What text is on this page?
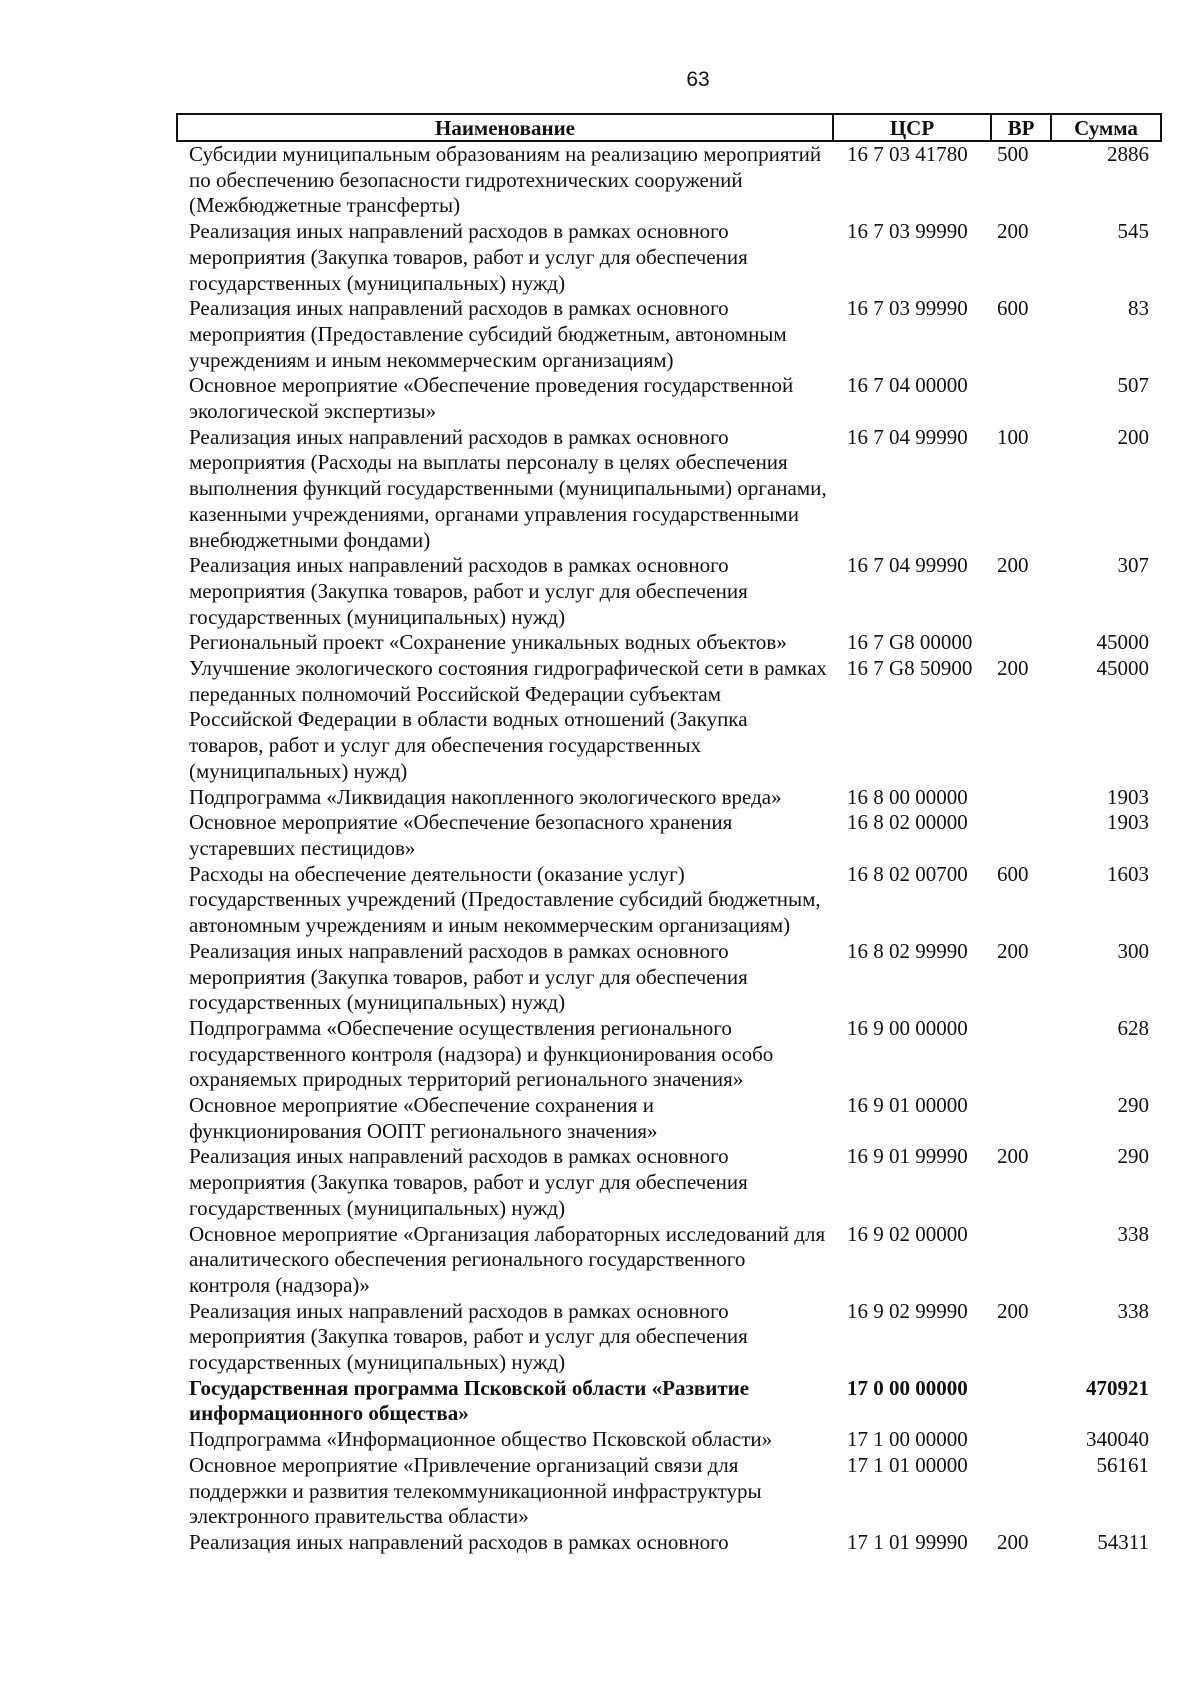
63
Наименование	ЦСР	ВР	Сумма
Субсидии муниципальным образованиям на реализацию мероприятий по обеспечению безопасности гидротехнических сооружений (Межбюджетные трансферты)	16 7 03 41780	500	2886
Реализация иных направлений расходов в рамках основного мероприятия (Закупка товаров, работ и услуг для обеспечения государственных (муниципальных) нужд)	16 7 03 99990	200	545
Реализация иных направлений расходов в рамках основного мероприятия (Предоставление субсидий бюджетным, автономным учреждениям и иным некоммерческим организациям)	16 7 03 99990	600	83
Основное мероприятие «Обеспечение проведения государственной экологической экспертизы»	16 7 04 00000		507
Реализация иных направлений расходов в рамках основного мероприятия (Расходы на выплаты персоналу в целях обеспечения выполнения функций государственными (муниципальными) органами, казенными учреждениями, органами управления государственными внебюджетными фондами)	16 7 04 99990	100	200
Реализация иных направлений расходов в рамках основного мероприятия (Закупка товаров, работ и услуг для обеспечения государственных (муниципальных) нужд)	16 7 04 99990	200	307
Региональный проект «Сохранение уникальных водных объектов»	16 7 G8 00000		45000
Улучшение экологического состояния гидрографической сети в рамках переданных полномочий Российской Федерации субъектам Российской Федерации в области водных отношений (Закупка товаров, работ и услуг для обеспечения государственных (муниципальных) нужд)	16 7 G8 50900	200	45000
Подпрограмма «Ликвидация накопленного экологического вреда»	16 8 00 00000		1903
Основное мероприятие «Обеспечение безопасного хранения устаревших пестицидов»	16 8 02 00000		1903
Расходы на обеспечение деятельности (оказание услуг) государственных учреждений (Предоставление субсидий бюджетным, автономным учреждениям и иным некоммерческим организациям)	16 8 02 00700	600	1603
Реализация иных направлений расходов в рамках основного мероприятия (Закупка товаров, работ и услуг для обеспечения государственных (муниципальных) нужд)	16 8 02 99990	200	300
Подпрограмма «Обеспечение осуществления регионального государственного контроля (надзора) и функционирования особо охраняемых природных территорий регионального значения»	16 9 00 00000		628
Основное мероприятие «Обеспечение сохранения и функционирования ООПТ регионального значения»	16 9 01 00000		290
Реализация иных направлений расходов в рамках основного мероприятия (Закупка товаров, работ и услуг для обеспечения государственных (муниципальных) нужд)	16 9 01 99990	200	290
Основное мероприятие «Организация лабораторных исследований для аналитического обеспечения регионального государственного контроля (надзора)»	16 9 02 00000		338
Реализация иных направлений расходов в рамках основного мероприятия (Закупка товаров, работ и услуг для обеспечения государственных (муниципальных) нужд)	16 9 02 99990	200	338
Государственная программа Псковской области «Развитие информационного общества»	17 0 00 00000		470921
Подпрограмма «Информационное общество Псковской области»	17 1 00 00000		340040
Основное мероприятие «Привлечение организаций связи для поддержки и развития телекоммуникационной инфраструктуры электронного правительства области»	17 1 01 00000		56161
Реализация иных направлений расходов в рамках основного	17 1 01 99990	200	54311
